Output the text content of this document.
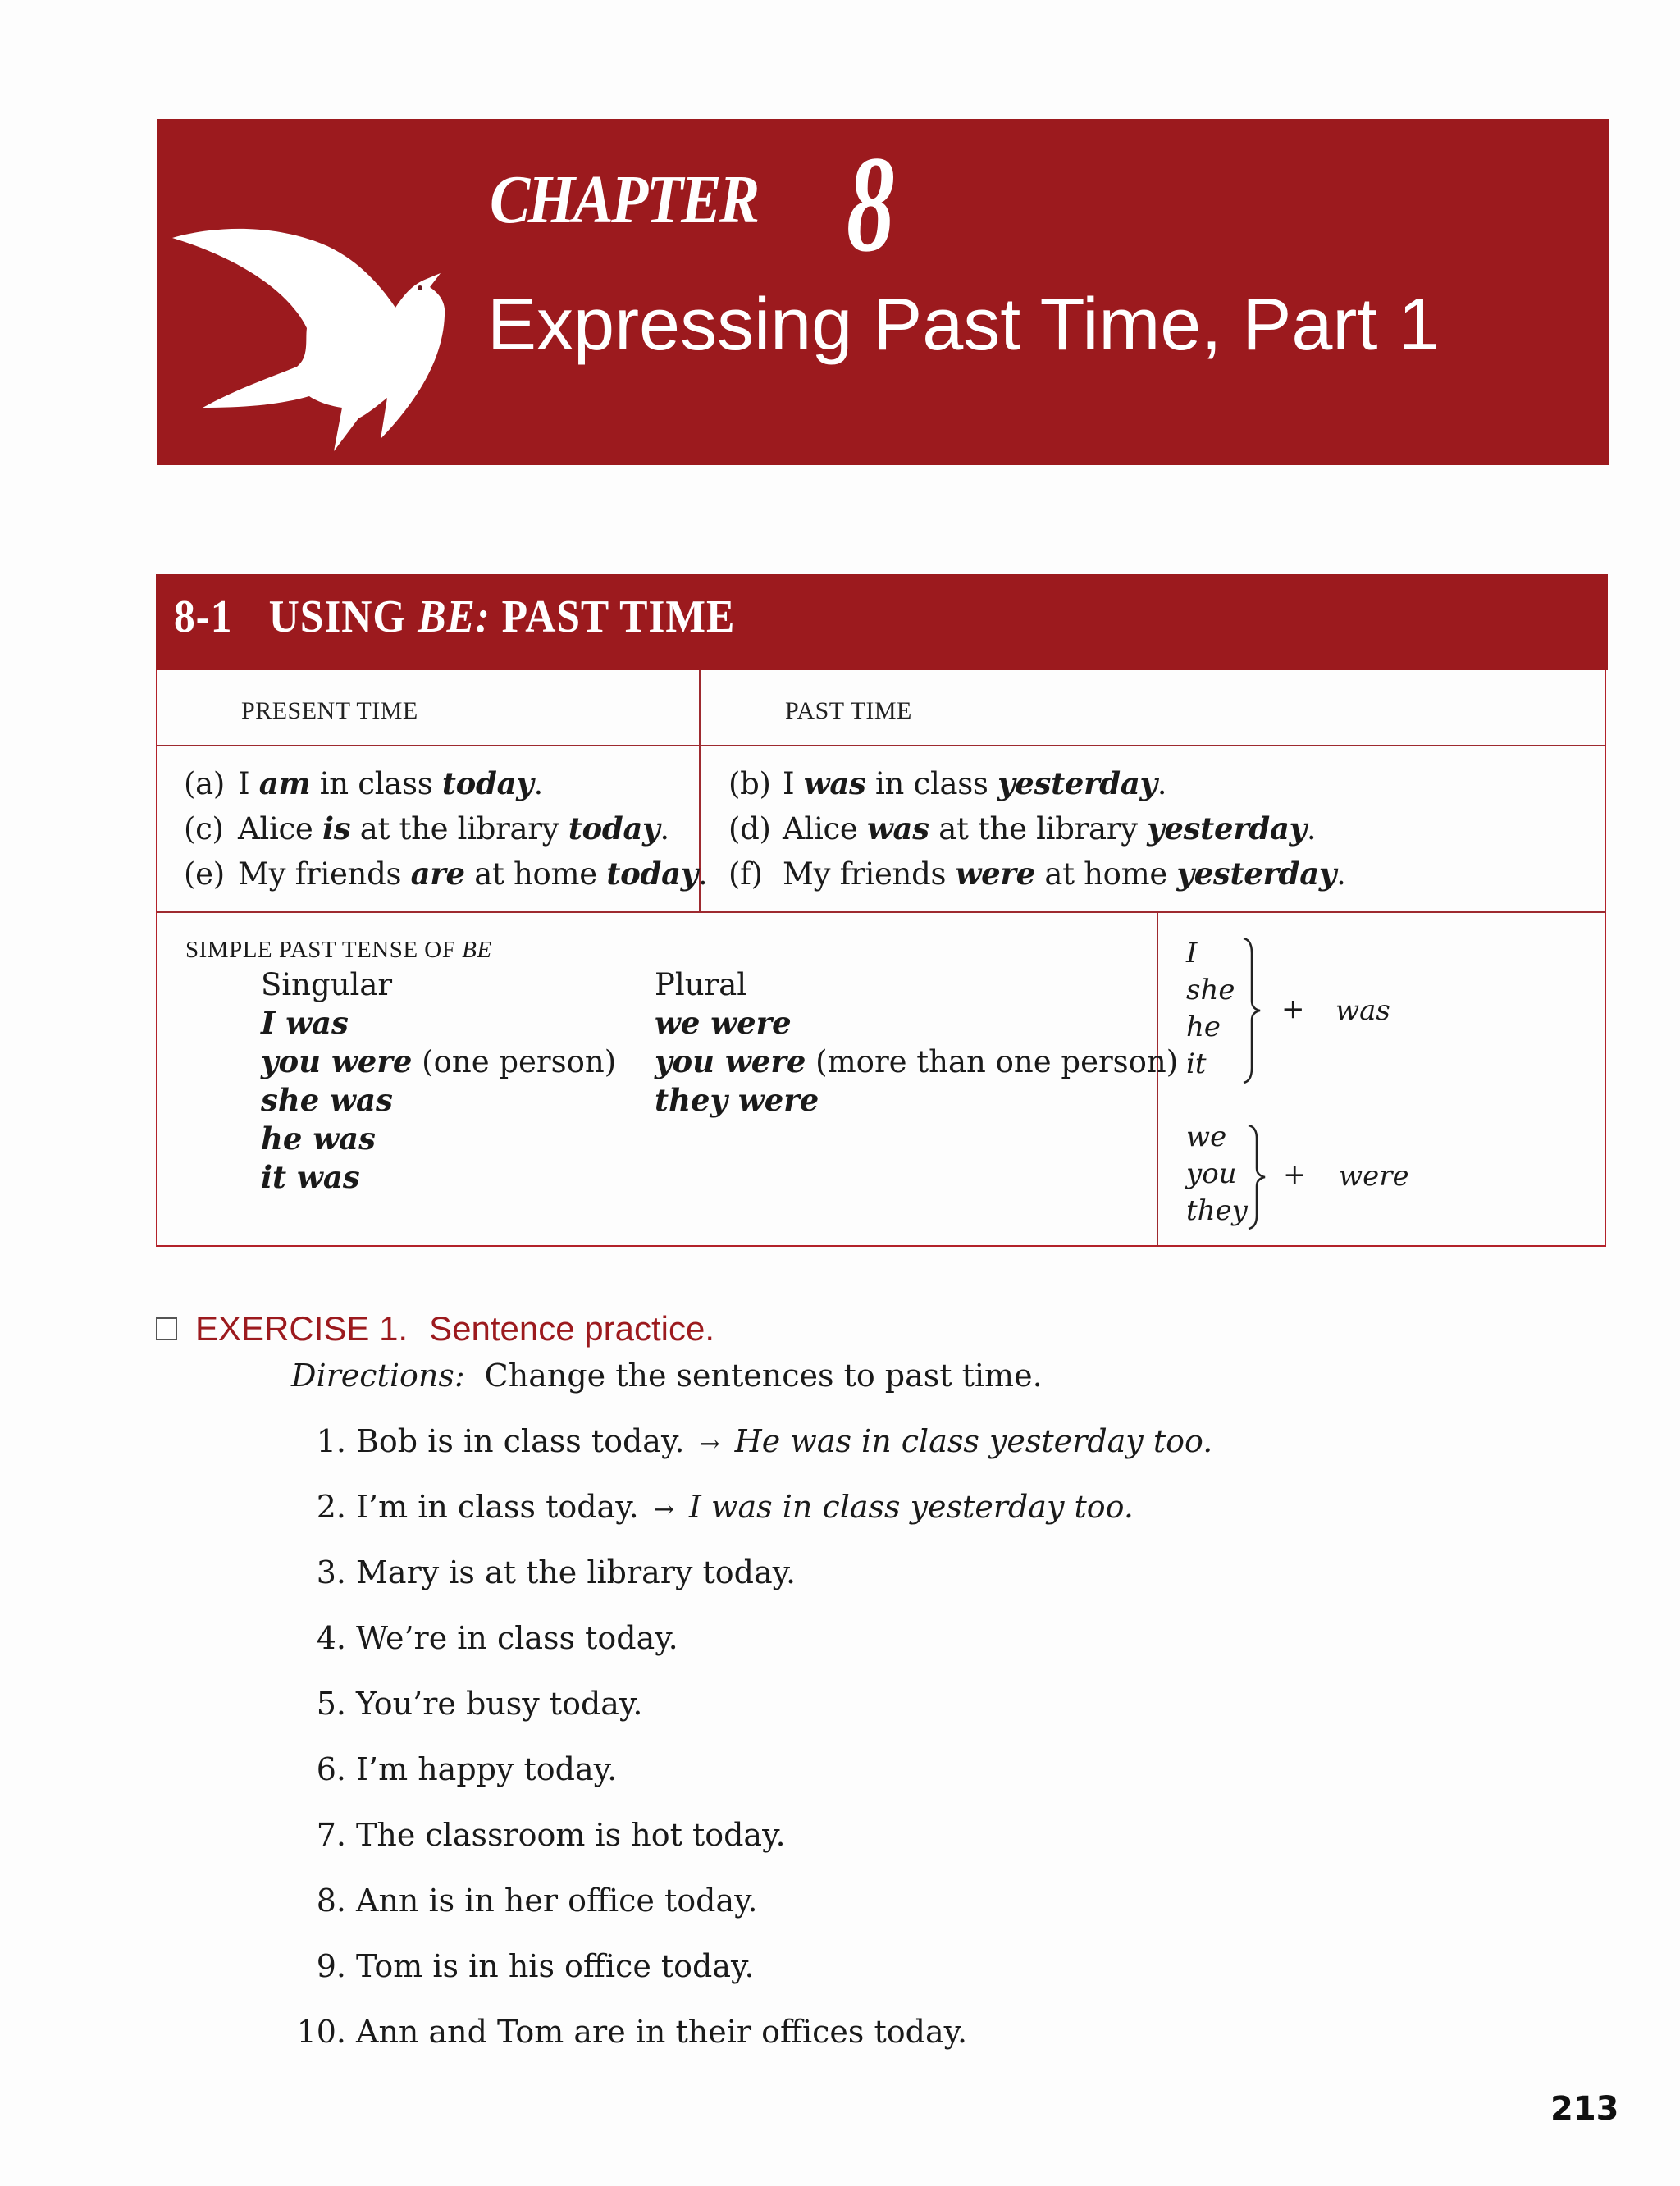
CHAPTER 8
Expressing Past Time, Part 1
8-1 USING BE: PAST TIME
PRESENT TIME	PAST TIME
(a) I am in class today.
(c) Alice is at the library today.
(e) My friends are at home today.
(b) I was in class yesterday.
(d) Alice was at the library yesterday.
(f) My friends were at home yesterday.
SIMPLE PAST TENSE OF BE
Singular
I was
you were (one person)
she was
he was
it was
Plural
we were
you were (more than one person)
they were
I
she
he
it
+ was
we
you
they
+ were
EXERCISE 1. Sentence practice.
Directions: Change the sentences to past time.
1. Bob is in class today. → He was in class yesterday too.
2. I’m in class today. → I was in class yesterday too.
3. Mary is at the library today.
4. We’re in class today.
5. You’re busy today.
6. I’m happy today.
7. The classroom is hot today.
8. Ann is in her office today.
9. Tom is in his office today.
10. Ann and Tom are in their offices today.
213
